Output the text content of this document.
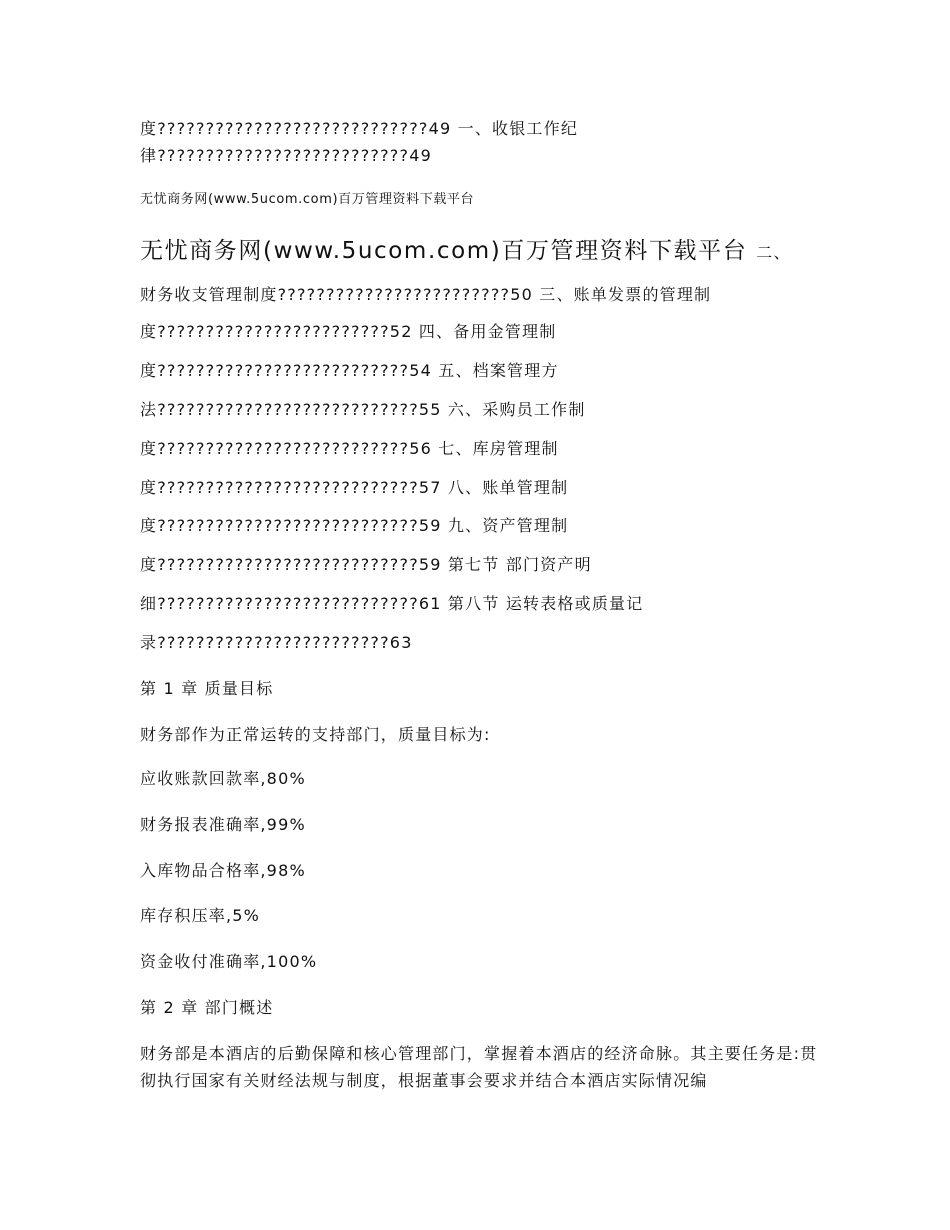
度????????????????????????????49 一、收银工作纪
律??????????????????????????49
无忧商务网(www.5ucom.com)百万管理资料下载平台
无忧商务网(www.5ucom.com)百万管理资料下载平台 二、
财务收支管理制度????????????????????????50 三、账单发票的管理制
度????????????????????????52 四、备用金管理制
度??????????????????????????54 五、档案管理方
法???????????????????????????55 六、采购员工作制
度??????????????????????????56 七、库房管理制
度???????????????????????????57 八、账单管理制
度???????????????????????????59 九、资产管理制
度???????????????????????????59 第七节 部门资产明
细???????????????????????????61 第八节 运转表格或质量记
录????????????????????????63
第 1 章 质量目标
财务部作为正常运转的支持部门，质量目标为:
应收账款回款率,80%
财务报表准确率,99%
入库物品合格率,98%
库存积压率,5%
资金收付准确率,100%
第 2 章 部门概述
财务部是本酒店的后勤保障和核心管理部门，掌握着本酒店的经济命脉。其主要任务是:贯彻执行国家有关财经法规与制度，根据董事会要求并结合本酒店实际情况编
